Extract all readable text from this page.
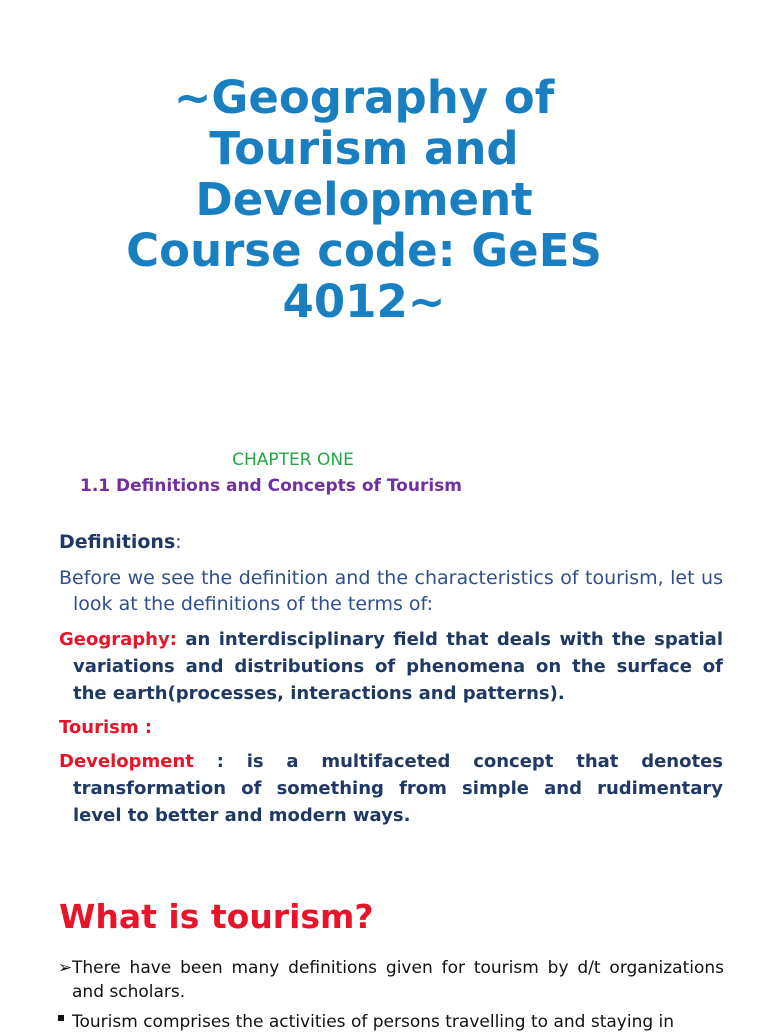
~Geography of
Tourism and
Development
Course code: GeES
4012~
CHAPTER ONE
1.1 Definitions and Concepts of Tourism
Definitions:
Before we see the definition and the characteristics of tourism, let us look at the definitions of the terms of:
Geography: an interdisciplinary field that deals with the spatial variations and distributions of phenomena on the surface of the earth(processes, interactions and patterns).
Tourism :
Development : is a multifaceted concept that denotes transformation of something from simple and rudimentary level to better and modern ways.
What is tourism?
➢There have been many definitions given for tourism by d/t organizations and scholars.
Tourism comprises the activities of persons travelling to and staying in
